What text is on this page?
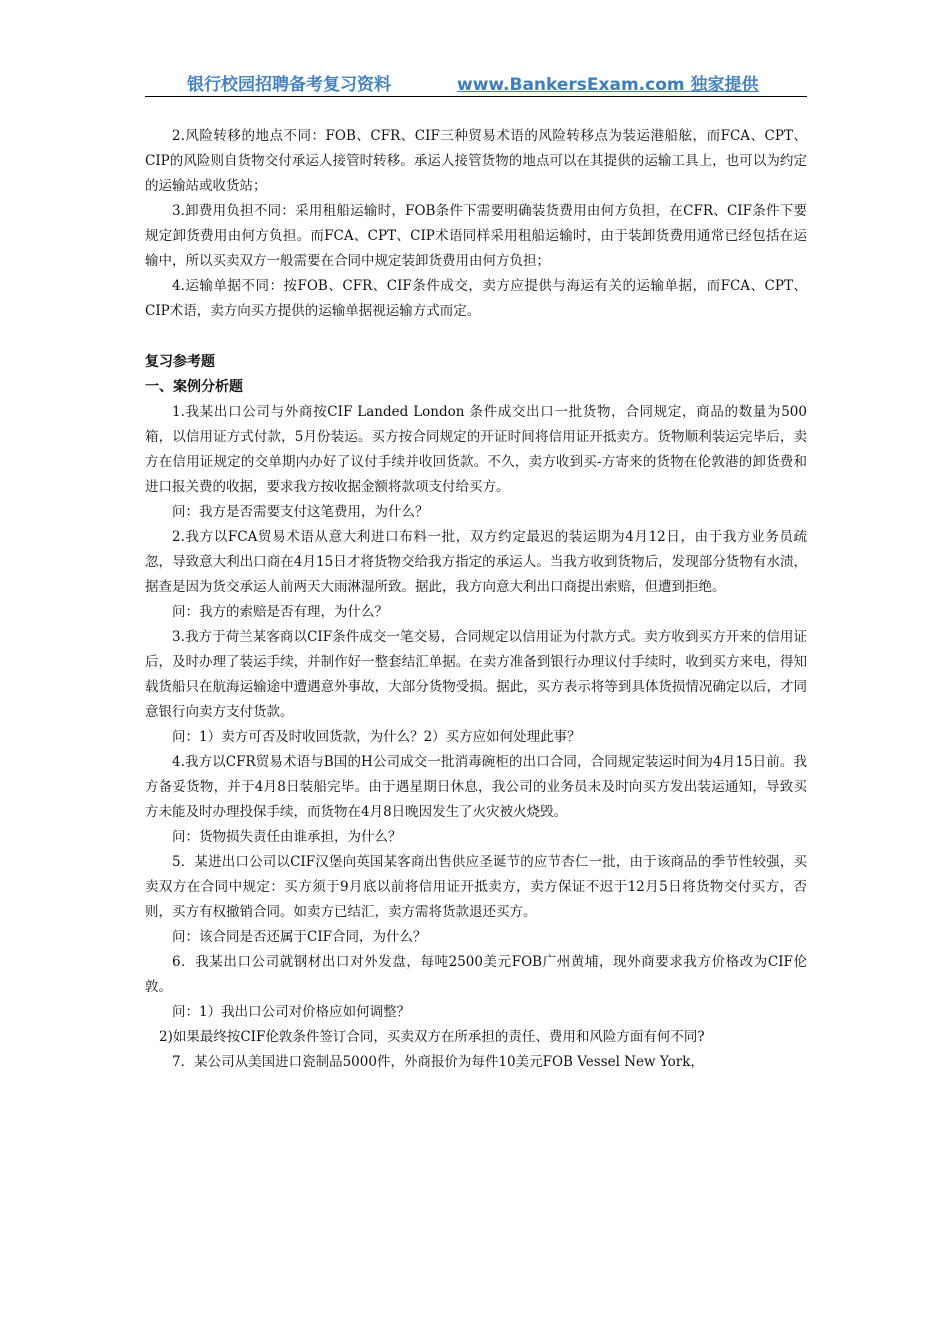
银行校园招聘备考复习资料	www.BankersExam.com 独家提供

2.风险转移的地点不同：FOB、CFR、CIF三种贸易术语的风险转移点为装运港船舷，而FCA、CPT、CIP的风险则自货物交付承运人接管时转移。承运人接管货物的地点可以在其提供的运输工具上，也可以为约定的运输站或收货站；

3.卸费用负担不同：采用租船运输时，FOB条件下需要明确装货费用由何方负担，在CFR、CIF条件下要规定卸货费用由何方负担。而FCA、CPT、CIP术语同样采用租船运输时，由于装卸货费用通常已经包括在运输中，所以买卖双方一般需要在合同中规定装卸货费用由何方负担；

4.运输单据不同：按FOB、CFR、CIF条件成交，卖方应提供与海运有关的运输单据，而FCA、CPT、CIP术语，卖方向买方提供的运输单据视运输方式而定。

复习参考题

一、案例分析题

1.我某出口公司与外商按CIF Landed London 条件成交出口一批货物，合同规定，商品的数量为500箱，以信用证方式付款，5月份装运。买方按合同规定的开证时间将信用证开抵卖方。货物顺利装运完毕后，卖方在信用证规定的交单期内办好了议付手续并收回货款。不久，卖方收到买-方寄来的货物在伦敦港的卸货费和进口报关费的收据，要求我方按收据金额将款项支付给买方。

问：我方是否需要支付这笔费用，为什么？

2.我方以FCA贸易术语从意大利进口布料一批，双方约定最迟的装运期为4月12日，由于我方业务员疏忽，导致意大利出口商在4月15日才将货物交给我方指定的承运人。当我方收到货物后，发现部分货物有水渍，据查是因为货交承运人前两天大雨淋湿所致。据此，我方向意大利出口商提出索赔，但遭到拒绝。

问：我方的索赔是否有理，为什么？

3.我方于荷兰某客商以CIF条件成交一笔交易，合同规定以信用证为付款方式。卖方收到买方开来的信用证后，及时办理了装运手续，并制作好一整套结汇单据。在卖方准备到银行办理议付手续时，收到买方来电，得知载货船只在航海运输途中遭遇意外事故，大部分货物受损。据此，买方表示将等到具体货损情况确定以后，才同意银行向卖方支付货款。

问：1）卖方可否及时收回货款，为什么？2）买方应如何处理此事？

4.我方以CFR贸易术语与B国的H公司成交一批消毒碗柜的出口合同，合同规定装运时间为4月15日前。我方备妥货物，并于4月8日装船完毕。由于遇星期日休息，我公司的业务员未及时向买方发出装运通知，导致买方未能及时办理投保手续，而货物在4月8日晚因发生了火灾被火烧毁。

问：货物损失责任由谁承担，为什么？

5．某进出口公司以CIF汉堡向英国某客商出售供应圣诞节的应节杏仁一批，由于该商品的季节性较强，买卖双方在合同中规定：买方须于9月底以前将信用证开抵卖方，卖方保证不迟于12月5日将货物交付买方，否则，买方有权撤销合同。如卖方已结汇，卖方需将货款退还买方。

问：该合同是否还属于CIF合同，为什么？

6．我某出口公司就钢材出口对外发盘，每吨2500美元FOB广州黄埔，现外商要求我方价格改为CIF伦敦。

问：1）我出口公司对价格应如何调整？

2)如果最终按CIF伦敦条件签订合同，买卖双方在所承担的责任、费用和风险方面有何不同?

7．某公司从美国进口瓷制品5000件，外商报价为每件10美元FOB Vessel New York，
